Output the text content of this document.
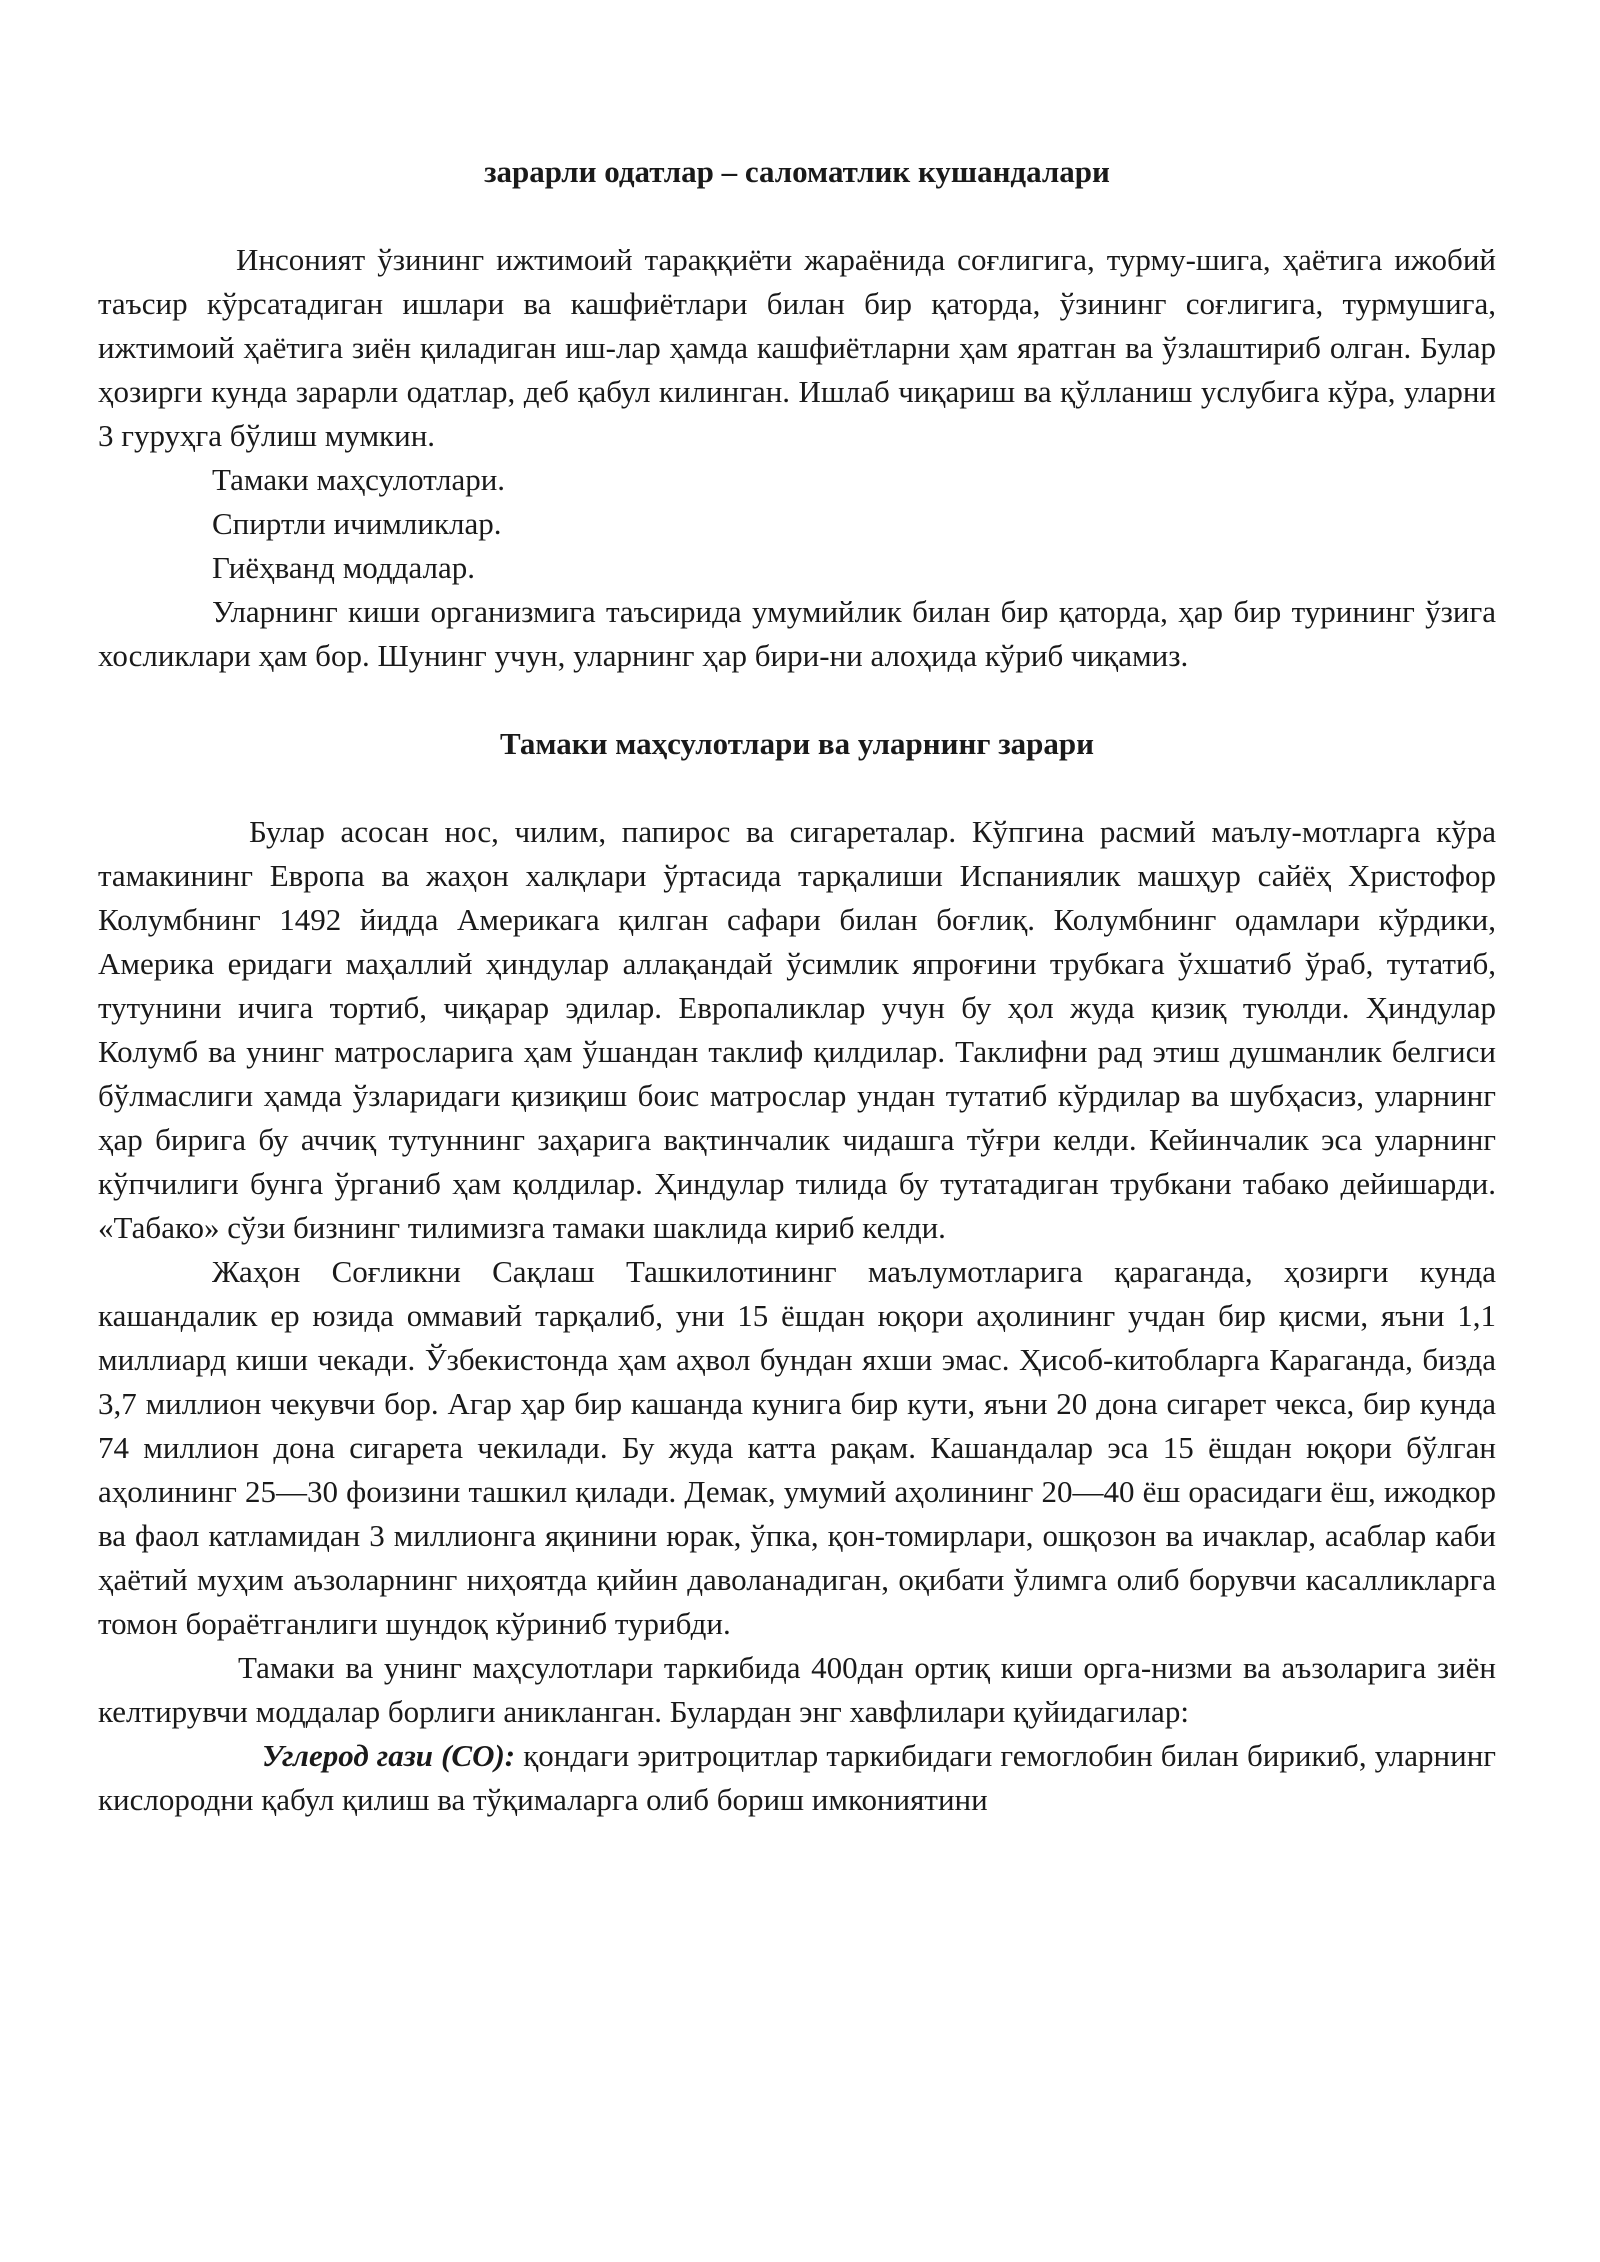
зарарли одатлар – саломатлик кушандалари

Инсоният ўзининг ижтимоий тараққиёти жараёнида соғлигига, турму-шига, ҳаётига ижобий таъсир кўрсатадиган ишлари ва кашфиётлари билан бир қаторда, ўзининг соғлигига, турмушига, ижтимоий ҳаётига зиён қиладиган иш-лар ҳамда кашфиётларни ҳам яратган ва ўзлаштириб олган. Булар ҳозирги кунда зарарли одатлар, деб қабул килинган. Ишлаб чиқариш ва қўлланиш услубига кўра, уларни 3 гуруҳга бўлиш мумкин.

Тамаки маҳсулотлари.

Спиртли ичимликлар.

Гиёҳванд моддалар.

Уларнинг киши организмига таъсирида умумийлик билан бир қаторда, ҳар бир турининг ўзига хосликлари ҳам бор. Шунинг учун, уларнинг ҳар бири-ни алоҳида кўриб чиқамиз.

Тамаки маҳсулотлари ва уларнинг зарари

Булар асосан нос, чилим, папирос ва сигареталар. Кўпгина расмий маълу-мотларга кўра тамакининг Европа ва жаҳон халқлари ўртасида тарқалиши Испаниялик машҳур сайёҳ Христофор Колумбнинг 1492 йидда Америкага қилган сафари билан боғлиқ. Колумбнинг одамлари кўрдики, Америка еридаги маҳаллий ҳиндулар аллақандай ўсимлик япроғини трубкага ўхшатиб ўраб, тутатиб, тутунини ичига тортиб, чиқарар эдилар. Европаликлар учун бу ҳол жуда қизиқ туюлди. Ҳиндулар Колумб ва унинг матросларига ҳам ўшандан таклиф қилдилар. Таклифни рад этиш душманлик белгиси бўлмаслиги ҳамда ўзларидаги қизиқиш боис матрослар ундан тутатиб кўрдилар ва шубҳасиз, уларнинг ҳар бирига бу аччиқ тутуннинг заҳарига вақтинчалик чидашга тўғри келди. Кейинчалик эса уларнинг кўпчилиги бунга ўрганиб ҳам қолдилар. Ҳиндулар тилида бу тутатадиган трубкани табако дейишарди. «Табако» сўзи бизнинг тилимизга тамаки шаклида кириб келди.

Жаҳон Соғликни Сақлаш Ташкилотининг маълумотларига қараганда, ҳозирги кунда кашандалик ер юзида оммавий тарқалиб, уни 15 ёшдан юқори аҳолининг учдан бир қисми, яъни 1,1 миллиард киши чекади. Ўзбекистонда ҳам аҳвол бундан яхши эмас. Ҳисоб-китобларга Караганда, бизда 3,7 миллион чекувчи бор. Агар ҳар бир кашанда кунига бир кути, яъни 20 дона сигарет чекса, бир кунда 74 миллион дона сигарета чекилади. Бу жуда катта рақам. Кашандалар эса 15 ёшдан юқори бўлган аҳолининг 25—30 фоизини ташкил қилади. Демак, умумий аҳолининг 20—40 ёш орасидаги ёш, ижодкор ва фаол катламидан 3 миллионга яқинини юрак, ўпка, қон-томирлари, ошқозон ва ичаклар, асаблар каби ҳаётий муҳим аъзоларнинг ниҳоятда қийин даволанадиган, оқибати ўлимга олиб борувчи касалликларга томон бораётганлиги шундоқ кўриниб турибди.

Тамаки ва унинг маҳсулотлари таркибида 400дан ортиқ киши орга-низми ва аъзоларига зиён келтирувчи моддалар борлиги аникланган. Булардан энг хавфлилари қуйидагилар:

Углерод гази (СО): қондаги эритроцитлар таркибидаги гемоглобин билан бирикиб, уларнинг кислородни қабул қилиш ва тўқималарга олиб бориш имкониятини
